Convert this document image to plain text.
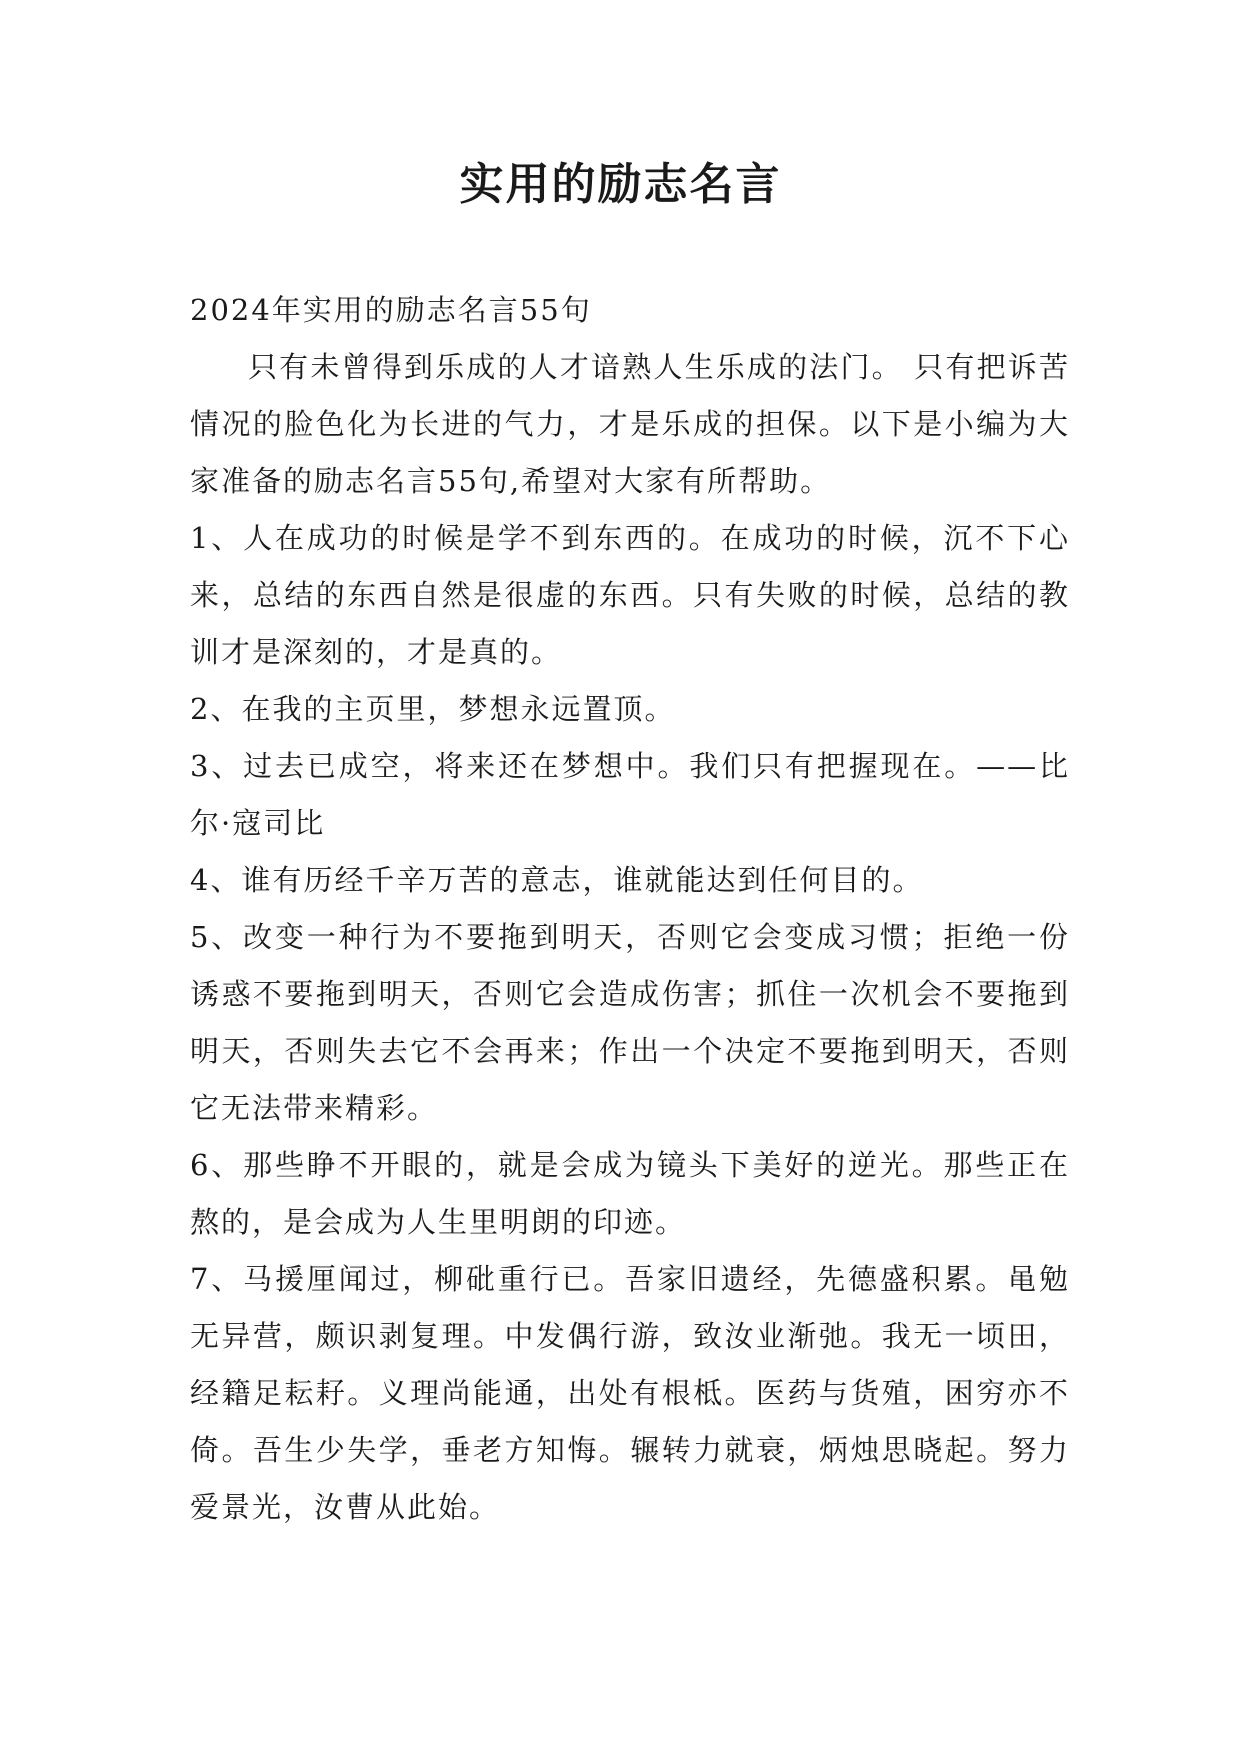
实用的励志名言

2024年实用的励志名言55句

只有未曾得到乐成的人才谙熟人生乐成的法门。 只有把诉苦情况的脸色化为长进的气力，才是乐成的担保。以下是小编为大家准备的励志名言55句,希望对大家有所帮助。

1、人在成功的时候是学不到东西的。在成功的时候，沉不下心来，总结的东西自然是很虚的东西。只有失败的时候，总结的教训才是深刻的，才是真的。

2、在我的主页里，梦想永远置顶。

3、过去已成空，将来还在梦想中。我们只有把握现在。——比尔·寇司比

4、谁有历经千辛万苦的意志，谁就能达到任何目的。

5、改变一种行为不要拖到明天，否则它会变成习惯；拒绝一份诱惑不要拖到明天，否则它会造成伤害；抓住一次机会不要拖到明天，否则失去它不会再来；作出一个决定不要拖到明天，否则它无法带来精彩。

6、那些睁不开眼的，就是会成为镜头下美好的逆光。那些正在熬的，是会成为人生里明朗的印迹。

7、马援厘闻过，柳砒重行已。吾家旧遗经，先德盛积累。黾勉无异营，颇识剥复理。中发偶行游，致汝业渐弛。我无一顷田，经籍足耘耔。义理尚能通，出处有根柢。医药与货殖，困穷亦不倚。吾生少失学，垂老方知悔。辗转力就衰，炳烛思晓起。努力爱景光，汝曹从此始。
